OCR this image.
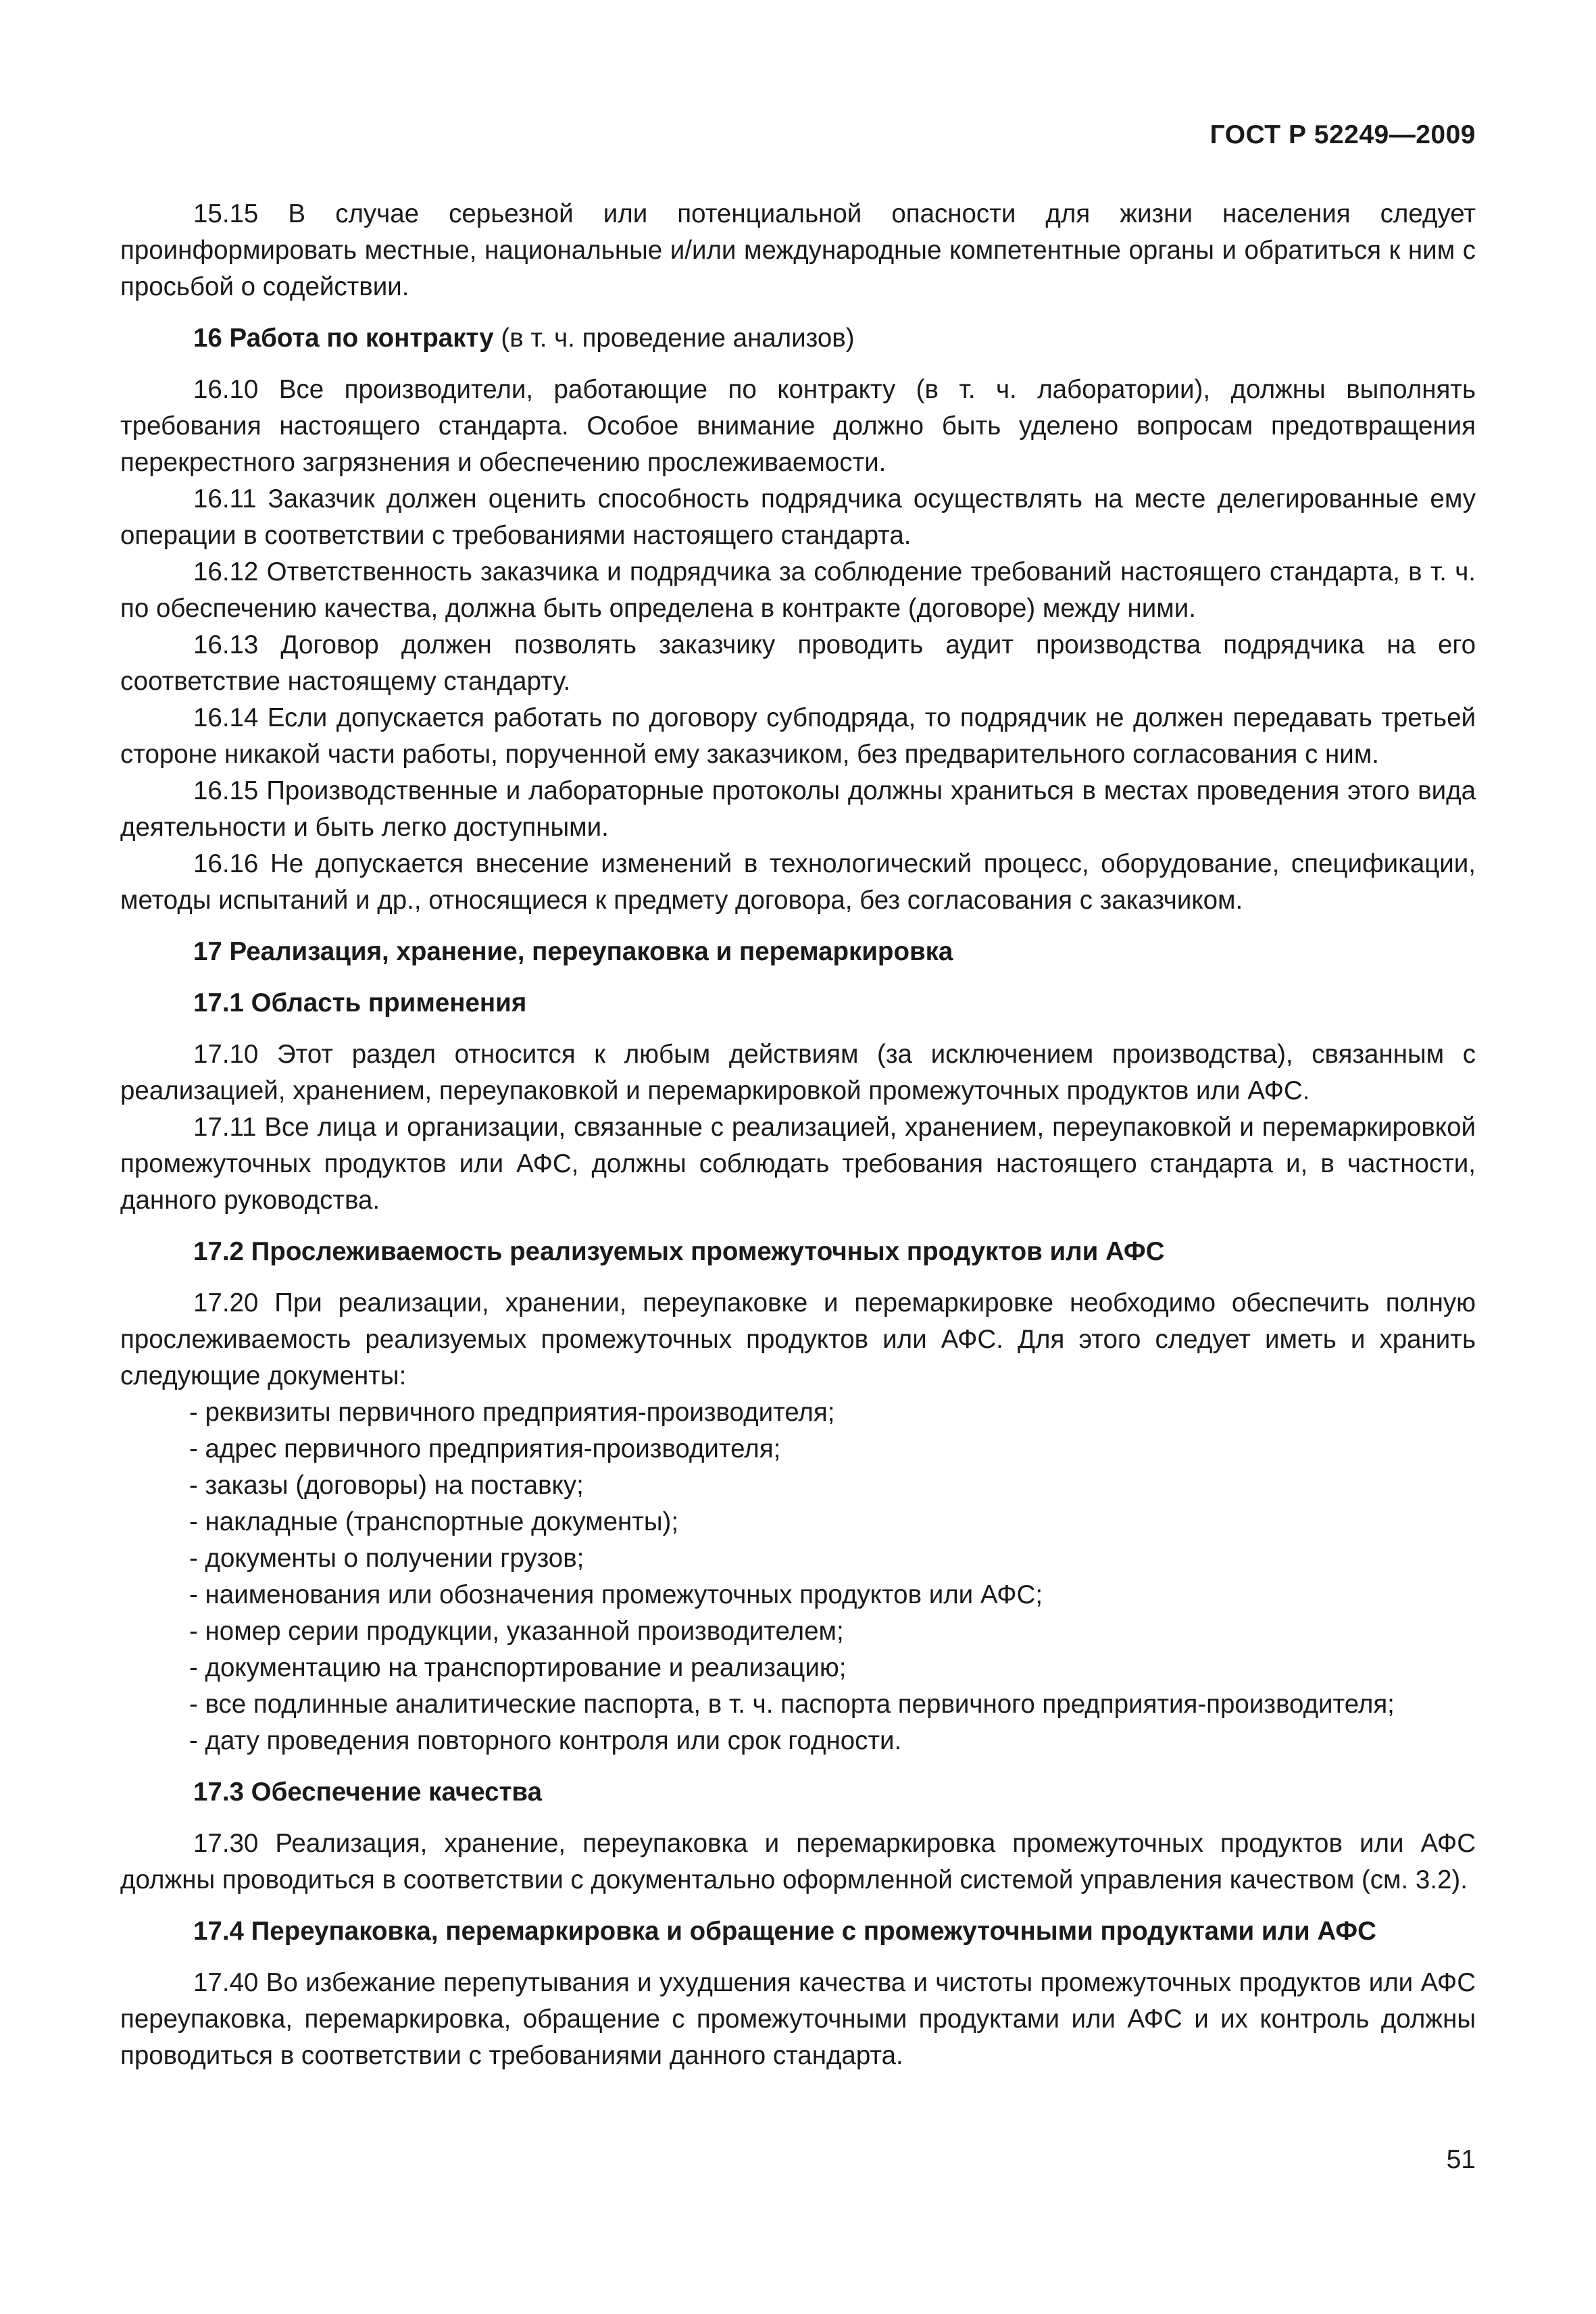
ГОСТ Р 52249—2009

15.15 В случае серьезной или потенциальной опасности для жизни населения следует проинформировать местные, национальные и/или международные компетентные органы и обратиться к ним с просьбой о содействии.

16 Работа по контракту (в т. ч. проведение анализов)

16.10 Все производители, работающие по контракту (в т. ч. лаборатории), должны выполнять требования настоящего стандарта. Особое внимание должно быть уделено вопросам предотвращения перекрестного загрязнения и обеспечению прослеживаемости.

16.11 Заказчик должен оценить способность подрядчика осуществлять на месте делегированные ему операции в соответствии с требованиями настоящего стандарта.

16.12 Ответственность заказчика и подрядчика за соблюдение требований настоящего стандарта, в т. ч. по обеспечению качества, должна быть определена в контракте (договоре) между ними.

16.13 Договор должен позволять заказчику проводить аудит производства подрядчика на его соответствие настоящему стандарту.

16.14 Если допускается работать по договору субподряда, то подрядчик не должен передавать третьей стороне никакой части работы, порученной ему заказчиком, без предварительного согласования с ним.

16.15 Производственные и лабораторные протоколы должны храниться в местах проведения этого вида деятельности и быть легко доступными.

16.16 Не допускается внесение изменений в технологический процесс, оборудование, спецификации, методы испытаний и др., относящиеся к предмету договора, без согласования с заказчиком.

17 Реализация, хранение, переупаковка и перемаркировка
17.1 Область применения

17.10 Этот раздел относится к любым действиям (за исключением производства), связанным с реализацией, хранением, переупаковкой и перемаркировкой промежуточных продуктов или АФС.

17.11 Все лица и организации, связанные с реализацией, хранением, переупаковкой и перемаркировкой промежуточных продуктов или АФС, должны соблюдать требования настоящего стандарта и, в частности, данного руководства.

17.2 Прослеживаемость реализуемых промежуточных продуктов или АФС

17.20 При реализации, хранении, переупаковке и перемаркировке необходимо обеспечить полную прослеживаемость реализуемых промежуточных продуктов или АФС. Для этого следует иметь и хранить следующие документы:

- реквизиты первичного предприятия-производителя;
- адрес первичного предприятия-производителя;
- заказы (договоры) на поставку;
- накладные (транспортные документы);
- документы о получении грузов;
- наименования или обозначения промежуточных продуктов или АФС;
- номер серии продукции, указанной производителем;
- документацию на транспортирование и реализацию;
- все подлинные аналитические паспорта, в т. ч. паспорта первичного предприятия-производителя;
- дату проведения повторного контроля или срок годности.
17.3 Обеспечение качества

17.30 Реализация, хранение, переупаковка и перемаркировка промежуточных продуктов или АФС должны проводиться в соответствии с документально оформленной системой управления качеством (см. 3.2).

17.4 Переупаковка, перемаркировка и обращение с промежуточными продуктами или АФС

17.40 Во избежание перепутывания и ухудшения качества и чистоты промежуточных продуктов или АФС переупаковка, перемаркировка, обращение с промежуточными продуктами или АФС и их контроль должны проводиться в соответствии с требованиями данного стандарта.

51
